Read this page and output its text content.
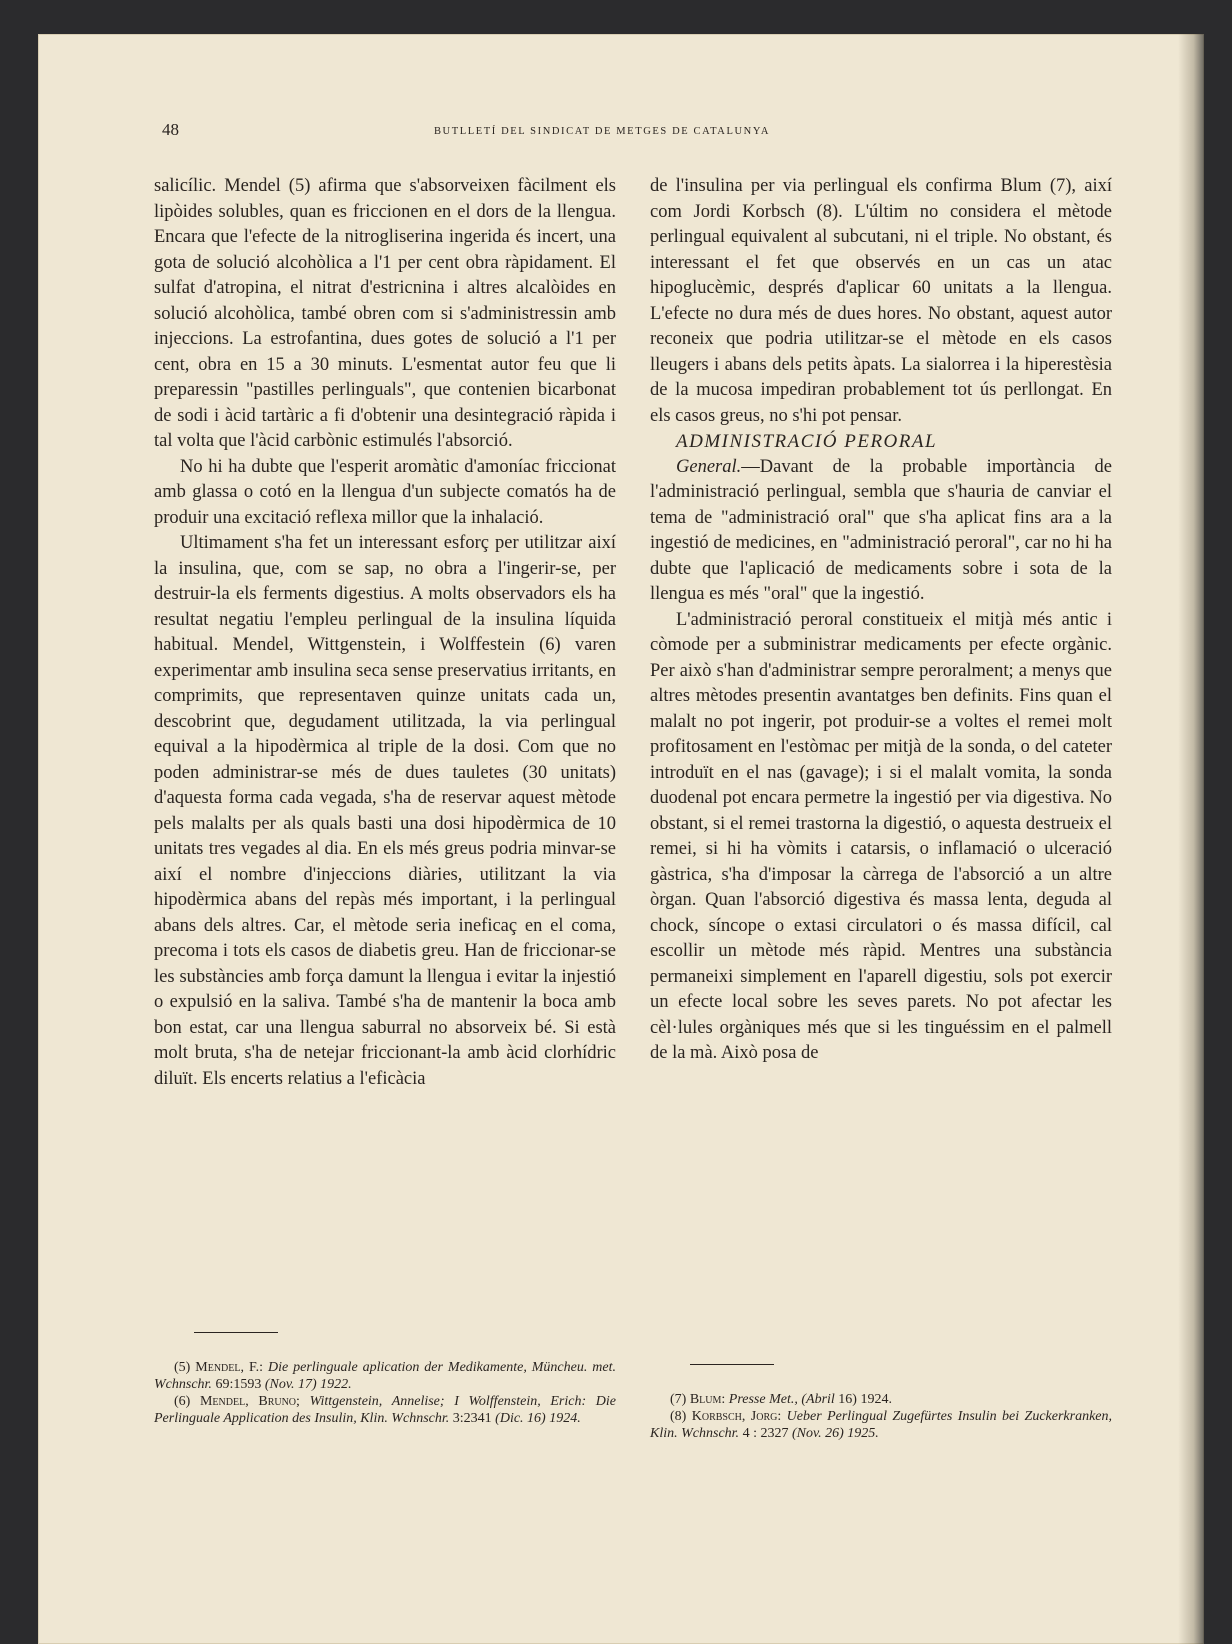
48	BUTLLETÍ DEL SINDICAT DE METGES DE CATALUNYA

salicílic. Mendel (5) afirma que s'absorveixen fàcilment els lipòides solubles, quan es friccionen en el dors de la llengua. Encara que l'efecte de la nitrogliserina ingerida és incert, una gota de solució alcohòlica a l'1 per cent obra ràpidament. El sulfat d'atropina, el nitrat d'estricnina i altres alcalòides en solució alcohòlica, també obren com si s'administressin amb injeccions. La estrofantina, dues gotes de solució a l'1 per cent, obra en 15 a 30 minuts. L'esmentat autor feu que li preparessin "pastilles perlinguals", que contenien bicarbonat de sodi i àcid tartàric a fi d'obtenir una desintegració ràpida i tal volta que l'àcid carbònic estimulés l'absorció.

No hi ha dubte que l'esperit aromàtic d'amoníac friccionat amb glassa o cotó en la llengua d'un subjecte comatós ha de produir una excitació reflexa millor que la inhalació.

Ultimament s'ha fet un interessant esforç per utilitzar així la insulina, que, com se sap, no obra a l'ingerir-se, per destruir-la els ferments digestius. A molts observadors els ha resultat negatiu l'empleu perlingual de la insulina líquida habitual. Mendel, Wittgenstein, i Wolffestein (6) varen experimentar amb insulina seca sense preservatius irritants, en comprimits, que representaven quinze unitats cada un, descobrint que, degudament utilitzada, la via perlingual equival a la hipodèrmica al triple de la dosi. Com que no poden administrar-se més de dues tauletes (30 unitats) d'aquesta forma cada vegada, s'ha de reservar aquest mètode pels malalts per als quals basti una dosi hipodèrmica de 10 unitats tres vegades al dia. En els més greus podria minvar-se així el nombre d'injeccions diàries, utilitzant la via hipodèrmica abans del repàs més important, i la perlingual abans dels altres. Car, el mètode seria ineficaç en el coma, precoma i tots els casos de diabetis greu. Han de friccionar-se les substàncies amb força damunt la llengua i evitar la injestió o expulsió en la saliva. També s'ha de mantenir la boca amb bon estat, car una llengua saburral no absorveix bé. Si està molt bruta, s'ha de netejar friccionant-la amb àcid clorhídric diluït. Els encerts relatius a l'eficàcia

de l'insulina per via perlingual els confirma Blum (7), així com Jordi Korbsch (8). L'últim no considera el mètode perlingual equivalent al subcutani, ni el triple. No obstant, és interessant el fet que observés en un cas un atac hipoglucèmic, després d'aplicar 60 unitats a la llengua. L'efecte no dura més de dues hores. No obstant, aquest autor reconeix que podria utilitzar-se el mètode en els casos lleugers i abans dels petits àpats. La sialorrea i la hiperestèsia de la mucosa impediran probablement tot ús perllongat. En els casos greus, no s'hi pot pensar.

ADMINISTRACIÓ PERORAL

General.—Davant de la probable importància de l'administració perlingual, sembla que s'hauria de canviar el tema de "administració oral" que s'ha aplicat fins ara a la ingestió de medicines, en "administració peroral", car no hi ha dubte que l'aplicació de medicaments sobre i sota de la llengua es més "oral" que la ingestió.

L'administració peroral constitueix el mitjà més antic i còmode per a subministrar medicaments per efecte orgànic. Per això s'han d'administrar sempre peroralment; a menys que altres mètodes presentin avantatges ben definits. Fins quan el malalt no pot ingerir, pot produir-se a voltes el remei molt profitosament en l'estòmac per mitjà de la sonda, o del cateter introduït en el nas (gavage); i si el malalt vomita, la sonda duodenal pot encara permetre la ingestió per via digestiva. No obstant, si el remei trastorna la digestió, o aquesta destrueix el remei, si hi ha vòmits i catarsis, o inflamació o ulceració gàstrica, s'ha d'imposar la càrrega de l'absorció a un altre òrgan. Quan l'absorció digestiva és massa lenta, deguda al chock, síncope o extasi circulatori o és massa difícil, cal escollir un mètode més ràpid. Mentres una substància permaneixi simplement en l'aparell digestiu, sols pot exercir un efecte local sobre les seves parets. No pot afectar les cèl·lules orgàniques més que si les tinguéssim en el palmell de la mà. Això posa de

(5) Mendel, F.: Die perlinguale aplication der Medikamente, Müncheu. met. Wchnschr. 69:1593 (Nov. 17) 1922.

(6) Mendel, Bruno; Wittgenstein, Annelise; I Wolffenstein, Erich: Die Perlinguale Application des Insulin, Klin. Wchnschr. 3:2341 (Dic. 16) 1924.

(7) Blum: Presse Met., (Abril 16) 1924.

(8) Korbsch, Jorg: Ueber Perlingual Zugefürtes Insulin bei Zuckerkranken, Klin. Wchnschr. 4 : 2327 (Nov. 26) 1925.
